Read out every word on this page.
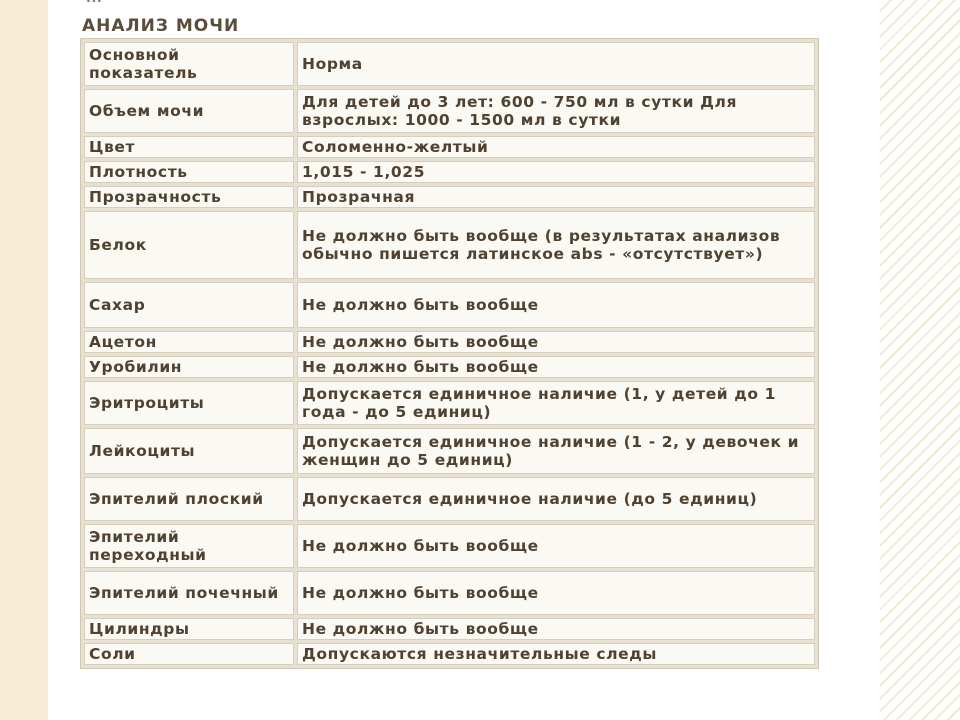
АНАЛИЗ МОЧИ
Основной показатель	Норма
Объем мочи	Для детей до 3 лет: 600 - 750 мл в сутки Для взрослых: 1000 - 1500 мл в сутки
Цвет	Соломенно-желтый
Плотность	1,015 - 1,025
Прозрачность	Прозрачная
Белок	Не должно быть вообще (в результатах анализов обычно пишется латинское abs - «отсутствует»)
Сахар	Не должно быть вообще
Ацетон	Не должно быть вообще
Уробилин	Не должно быть вообще
Эритроциты	Допускается единичное наличие (1, у детей до 1 года - до 5 единиц)
Лейкоциты	Допускается единичное наличие (1 - 2, у девочек и женщин до 5 единиц)
Эпителий плоский	Допускается единичное наличие (до 5 единиц)
Эпителий переходный	Не должно быть вообще
Эпителий почечный	Не должно быть вообще
Цилиндры	Не должно быть вообще
Соли	Допускаются незначительные следы
